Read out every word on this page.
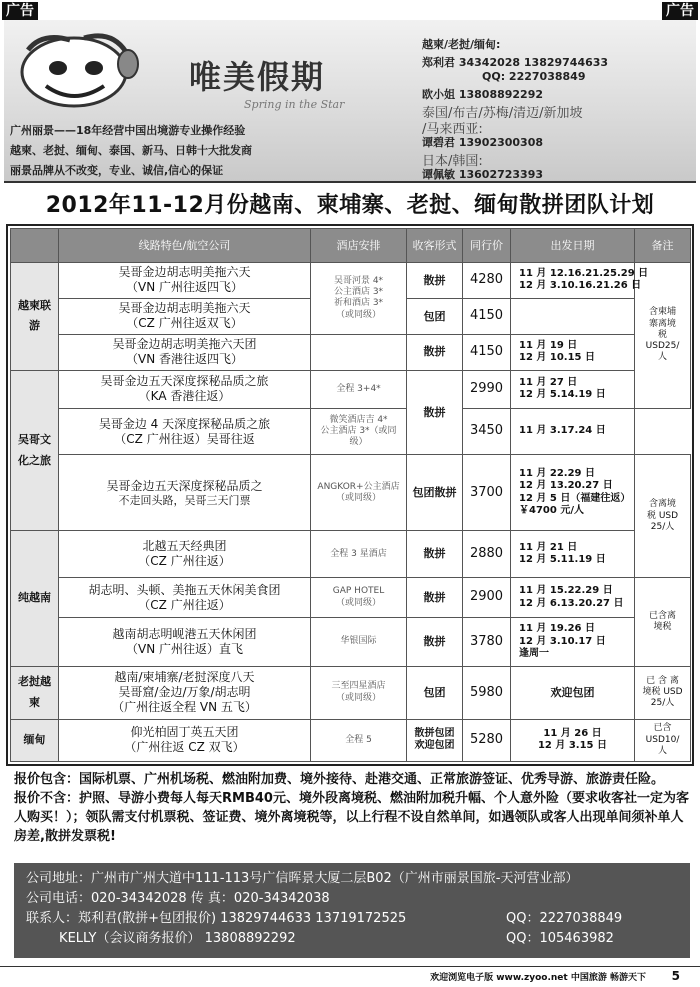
广告	广告
唯美假期
Spring in the Star
广州丽景——18年经营中国出境游专业操作经验
越柬、老挝、缅甸、泰国、新马、日韩十大批发商
丽景品牌从不改变，专业、诚信,信心的保证
越柬/老挝/缅甸:
郑利君 34342028 13829744633
QQ: 2227038849
欧小姐 13808892292
泰国/布吉/苏梅/清迈/新加坡
/马来西亚:
谭碧君 13902300308
日本/韩国:
谭佩敏 13602723393
2012年11-12月份越南、柬埔寨、老挝、缅甸散拼团队计划
	线路特色/航空公司	酒店安排	收客形式	同行价	出发日期	备注
越柬联游	吴哥金边胡志明美拖六天
（VN 广州往返四飞）	吴哥河景 4*
公主酒店 3*
祈和酒店 3*
（或同级）	散拼	4280	11 月 12.16.21.25.29 日
12 月 3.10.16.21.26 日	含柬埔
寨离境
税
USD25/
人

	吴哥金边胡志明美拖六天
（CZ 广州往返双飞）		包团	4150		

	吴哥金边胡志明美拖六天团
（VN 香港往返四飞）		散拼	4150	11 月 19 日
12 月 10.15 日	

吴哥文化之旅	吴哥金边五天深度探秘品质之旅
（KA 香港往返）	全程 3+4*	散拼	2990	11 月 27 日
12 月 5.14.19 日	

	吴哥金边 4 天深度探秘品质之旅
（CZ 广州往返）吴哥往返	微笑酒店吉 4*
公主酒店 3*（或同
级）		3450	11 月 3.17.24 日	

	吴哥金边五天深度探秘品质之
不走回头路，吴哥三天门票	ANGKOR+公主酒店
（或同级）	包团散拼	3700	11 月 22.29 日
12 月 13.20.27 日
12 月 5 日（福建往返）
￥4700 元/人	含离境
税 USD
25/人

纯越南	北越五天经典团
（CZ 广州往返）	全程 3 星酒店	散拼	2880	11 月 21 日
12 月 5.11.19 日	

	胡志明、头顿、美拖五天休闲美食团
（CZ 广州往返）	GAP HOTEL
（或同级）	散拼	2900	11 月 15.22.29 日
12 月 6.13.20.27 日	已含离
境税

	越南胡志明岘港五天休闲团
（VN 广州往返）直飞	华银国际	散拼	3780	11 月 19.26 日
12 月 3.10.17 日
逢周一	

老挝越柬	越南/柬埔寨/老挝深度八天
吴哥窟/金边/万象/胡志明
（广州往返全程 VN 五飞）	三至四星酒店
（或同级）	包团	5980	欢迎包团	已 含 离
境税 USD
25/人

缅甸	仰光柏固丁英五天团
（广州往返 CZ 双飞）	全程 5	散拼包团
欢迎包团	5280	11 月 26 日
12 月 3.15 日	已含
USD10/
人

报价包含：国际机票、广州机场税、燃油附加费、境外接待、赴港交通、正常旅游签证、优秀导游、旅游责任险。

报价不含：护照、导游小费每人每天RMB40元、境外段离境税、燃油附加税升幅、个人意外险（要求收客社一定为客人购买！）；领队需支付机票税、签证费、境外离境税等，以上行程不设自然单间，如遇领队或客人出现单间须补单人房差,散拼发票税!

公司地址：广州市广州大道中111-113号广信晖景大厦二层B02（广州市丽景国旅-天河营业部）
公司电话：020-34342028 传 真：020-34342038
联系人：郑利君(散拼+包团报价) 13829744633 13719172525	QQ：2227038849
KELLY（会议商务报价） 13808892292	QQ：105463982
欢迎浏览电子版 www.zyoo.net 中国旅游 畅游天下 5
